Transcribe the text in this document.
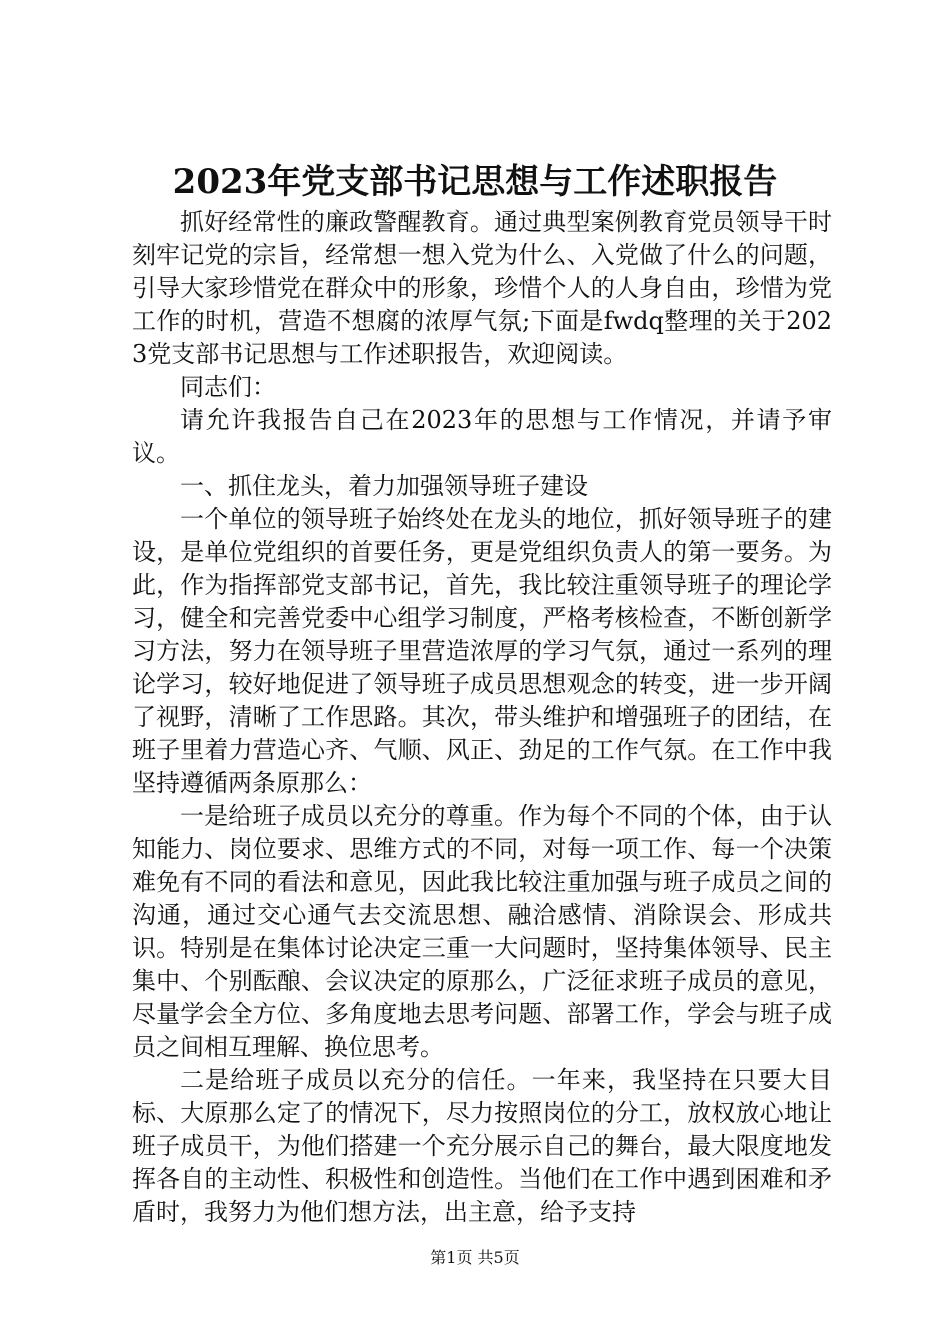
2023年党支部书记思想与工作述职报告

抓好经常性的廉政警醒教育。通过典型案例教育党员领导干时刻牢记党的宗旨，经常想一想入党为什么、入党做了什么的问题，引导大家珍惜党在群众中的形象，珍惜个人的人身自由，珍惜为党工作的时机，营造不想腐的浓厚气氛;下面是fwdq整理的关于2023党支部书记思想与工作述职报告，欢迎阅读。

同志们：

请允许我报告自己在2023年的思想与工作情况，并请予审议。

一、抓住龙头，着力加强领导班子建设

一个单位的领导班子始终处在龙头的地位，抓好领导班子的建设，是单位党组织的首要任务，更是党组织负责人的第一要务。为此，作为指挥部党支部书记，首先，我比较注重领导班子的理论学习，健全和完善党委中心组学习制度，严格考核检查，不断创新学习方法，努力在领导班子里营造浓厚的学习气氛，通过一系列的理论学习，较好地促进了领导班子成员思想观念的转变，进一步开阔了视野，清晰了工作思路。其次，带头维护和增强班子的团结，在班子里着力营造心齐、气顺、风正、劲足的工作气氛。在工作中我坚持遵循两条原那么：

一是给班子成员以充分的尊重。作为每个不同的个体，由于认知能力、岗位要求、思维方式的不同，对每一项工作、每一个决策难免有不同的看法和意见，因此我比较注重加强与班子成员之间的沟通，通过交心通气去交流思想、融洽感情、消除误会、形成共识。特别是在集体讨论决定三重一大问题时，坚持集体领导、民主集中、个别酝酿、会议决定的原那么，广泛征求班子成员的意见，尽量学会全方位、多角度地去思考问题、部署工作，学会与班子成员之间相互理解、换位思考。

二是给班子成员以充分的信任。一年来，我坚持在只要大目标、大原那么定了的情况下，尽力按照岗位的分工，放权放心地让班子成员干，为他们搭建一个充分展示自己的舞台，最大限度地发挥各自的主动性、积极性和创造性。当他们在工作中遇到困难和矛盾时，我努力为他们想方法，出主意，给予支持

第1页 共5页
